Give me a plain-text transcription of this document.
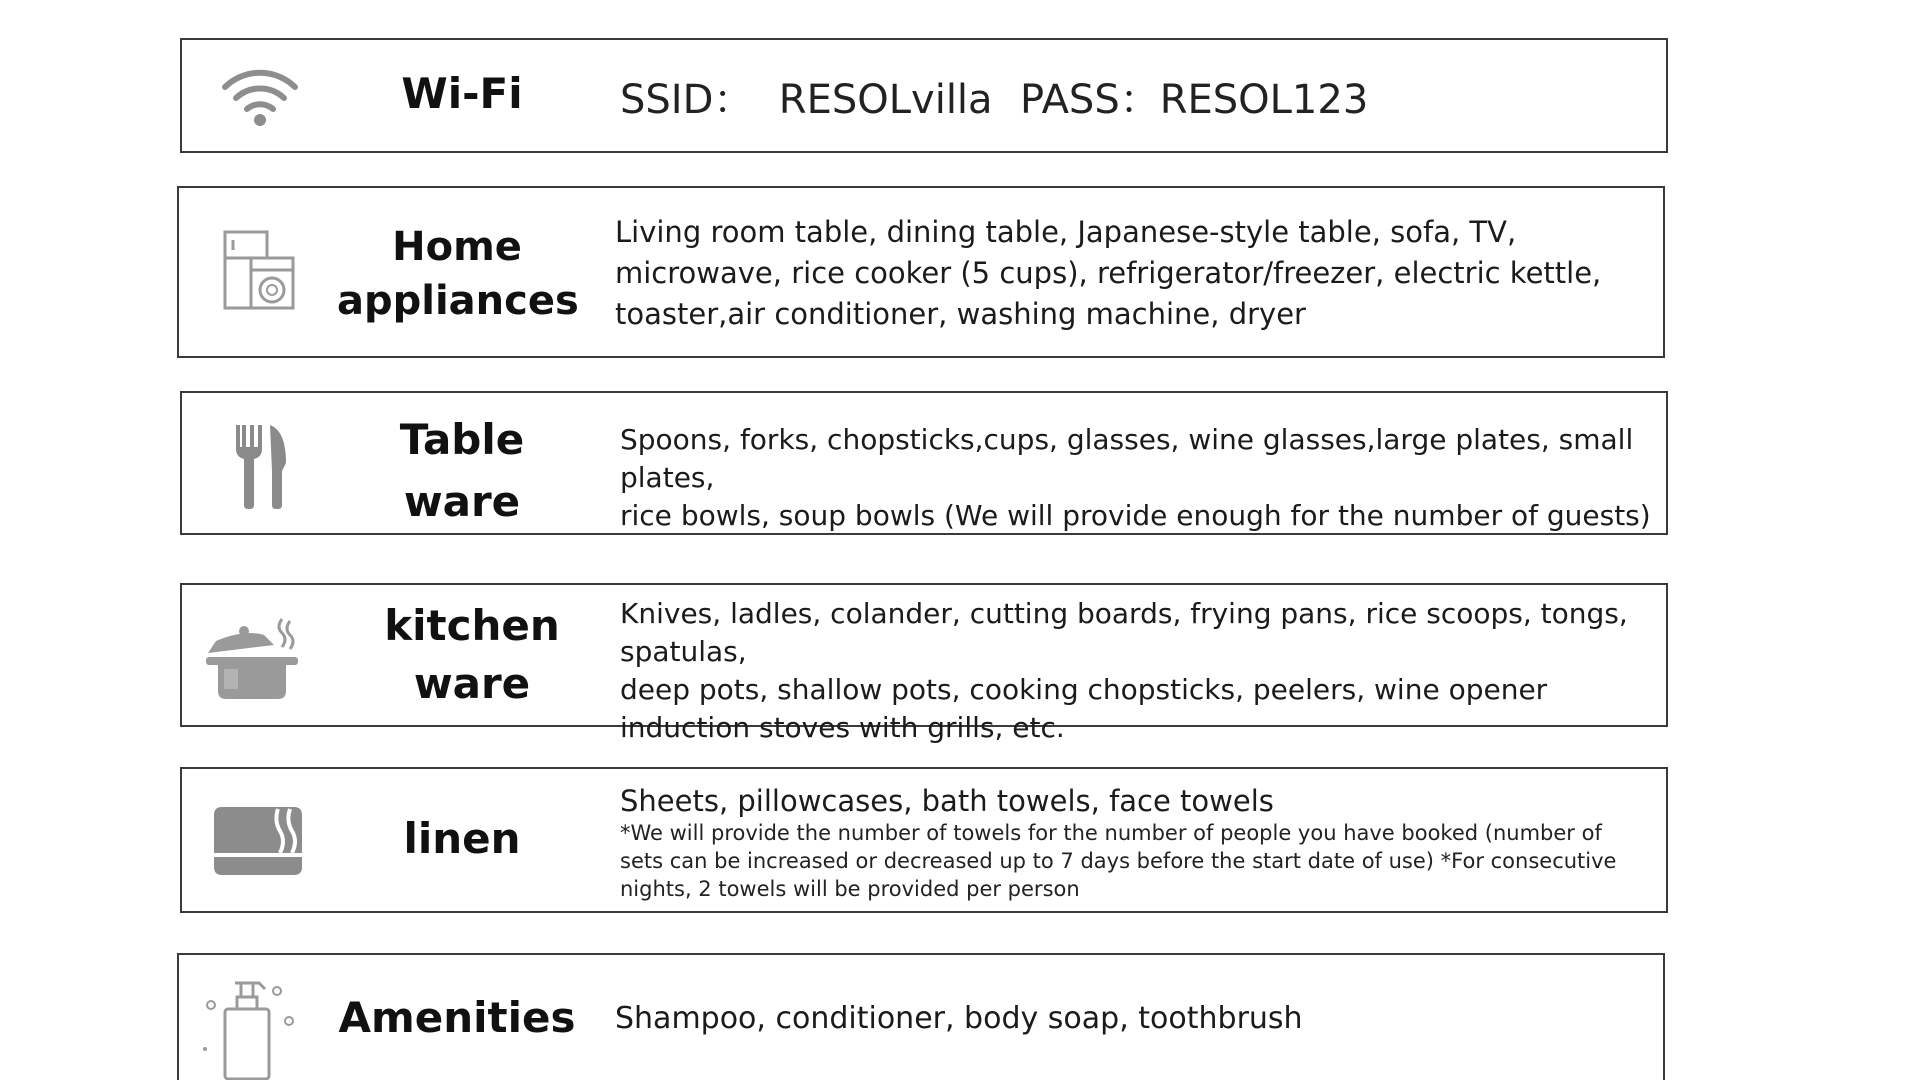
Wi-Fi	SSID：  RESOLvilla PASS：RESOL123
Home
appliances
Living room table, dining table, Japanese-style table, sofa, TV,
microwave, rice cooker (5 cups), refrigerator/freezer, electric kettle,
toaster,air conditioner, washing machine, dryer
Table
ware
Spoons, forks, chopsticks,cups, glasses, wine glasses,large plates, small plates,
rice bowls, soup bowls (We will provide enough for the number of guests)
kitchen
ware
Knives, ladles, colander, cutting boards, frying pans, rice scoops, tongs, spatulas,
deep pots, shallow pots, cooking chopsticks, peelers, wine opener
induction stoves with grills, etc.
linen
Sheets, pillowcases, bath towels, face towels
*We will provide the number of towels for the number of people you have booked (number of sets can be increased or decreased up to 7 days before the start date of use) *For consecutive nights, 2 towels will be provided per person
Amenities Shampoo, conditioner, body soap, toothbrush
